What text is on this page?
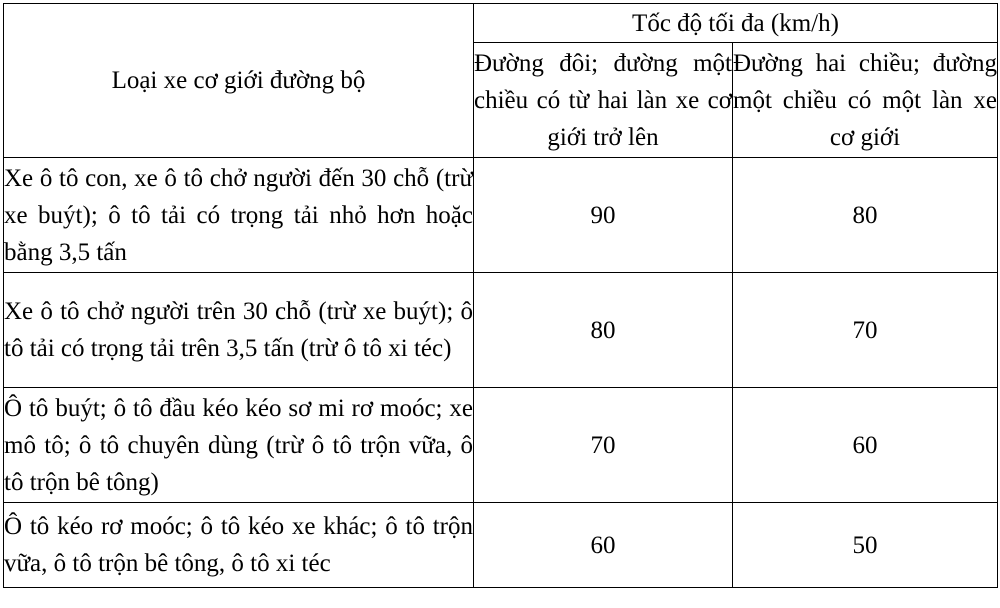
Loại xe cơ giới đường bộ	Tốc độ tối đa (km/h)	
	Đường đôi; đường một chiều có từ hai làn xe cơ giới trở lên	Đường hai chiều; đường một chiều có một làn xe cơ giới
Xe ô tô con, xe ô tô chở người đến 30 chỗ (trừ xe buýt); ô tô tải có trọng tải nhỏ hơn hoặc bằng 3,5 tấn	90	80
Xe ô tô chở người trên 30 chỗ (trừ xe buýt); ô tô tải có trọng tải trên 3,5 tấn (trừ ô tô xi téc)	80	70
Ô tô buýt; ô tô đầu kéo kéo sơ mi rơ moóc; xe mô tô; ô tô chuyên dùng (trừ ô tô trộn vữa, ô tô trộn bê tông)	70	60
Ô tô kéo rơ moóc; ô tô kéo xe khác; ô tô trộn vữa, ô tô trộn bê tông, ô tô xi téc	60	50
